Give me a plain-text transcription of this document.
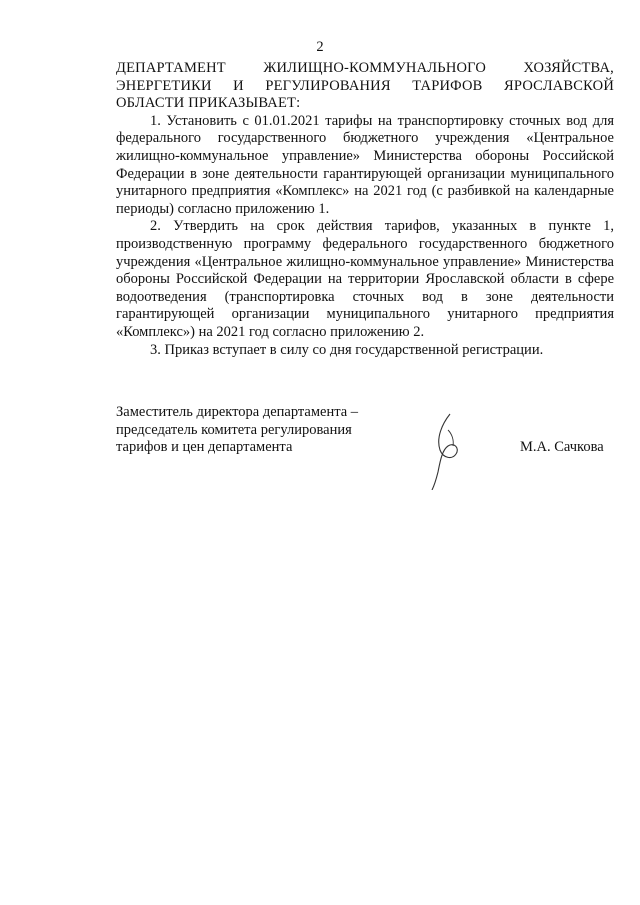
2
ДЕПАРТАМЕНТ ЖИЛИЩНО-КОММУНАЛЬНОГО ХОЗЯЙСТВА, ЭНЕРГЕТИКИ И РЕГУЛИРОВАНИЯ ТАРИФОВ ЯРОСЛАВСКОЙ ОБЛАСТИ ПРИКАЗЫВАЕТ:

1. Установить с 01.01.2021 тарифы на транспортировку сточных вод для федерального государственного бюджетного учреждения «Центральное жилищно-коммунальное управление» Министерства обороны Российской Федерации в зоне деятельности гарантирующей организации муниципального унитарного предприятия «Комплекс» на 2021 год (с разбивкой на календарные периоды) согласно приложению 1.

2. Утвердить на срок действия тарифов, указанных в пункте 1, производственную программу федерального государственного бюджетного учреждения «Центральное жилищно-коммунальное управление» Министерства обороны Российской Федерации на территории Ярославской области в сфере водоотведения (транспортировка сточных вод в зоне деятельности гарантирующей организации муниципального унитарного предприятия «Комплекс») на 2021 год согласно приложению 2.

3. Приказ вступает в силу со дня государственной регистрации.

Заместитель директора департамента –
председатель комитета регулирования
тарифов и цен департамента	М.А. Сачкова
